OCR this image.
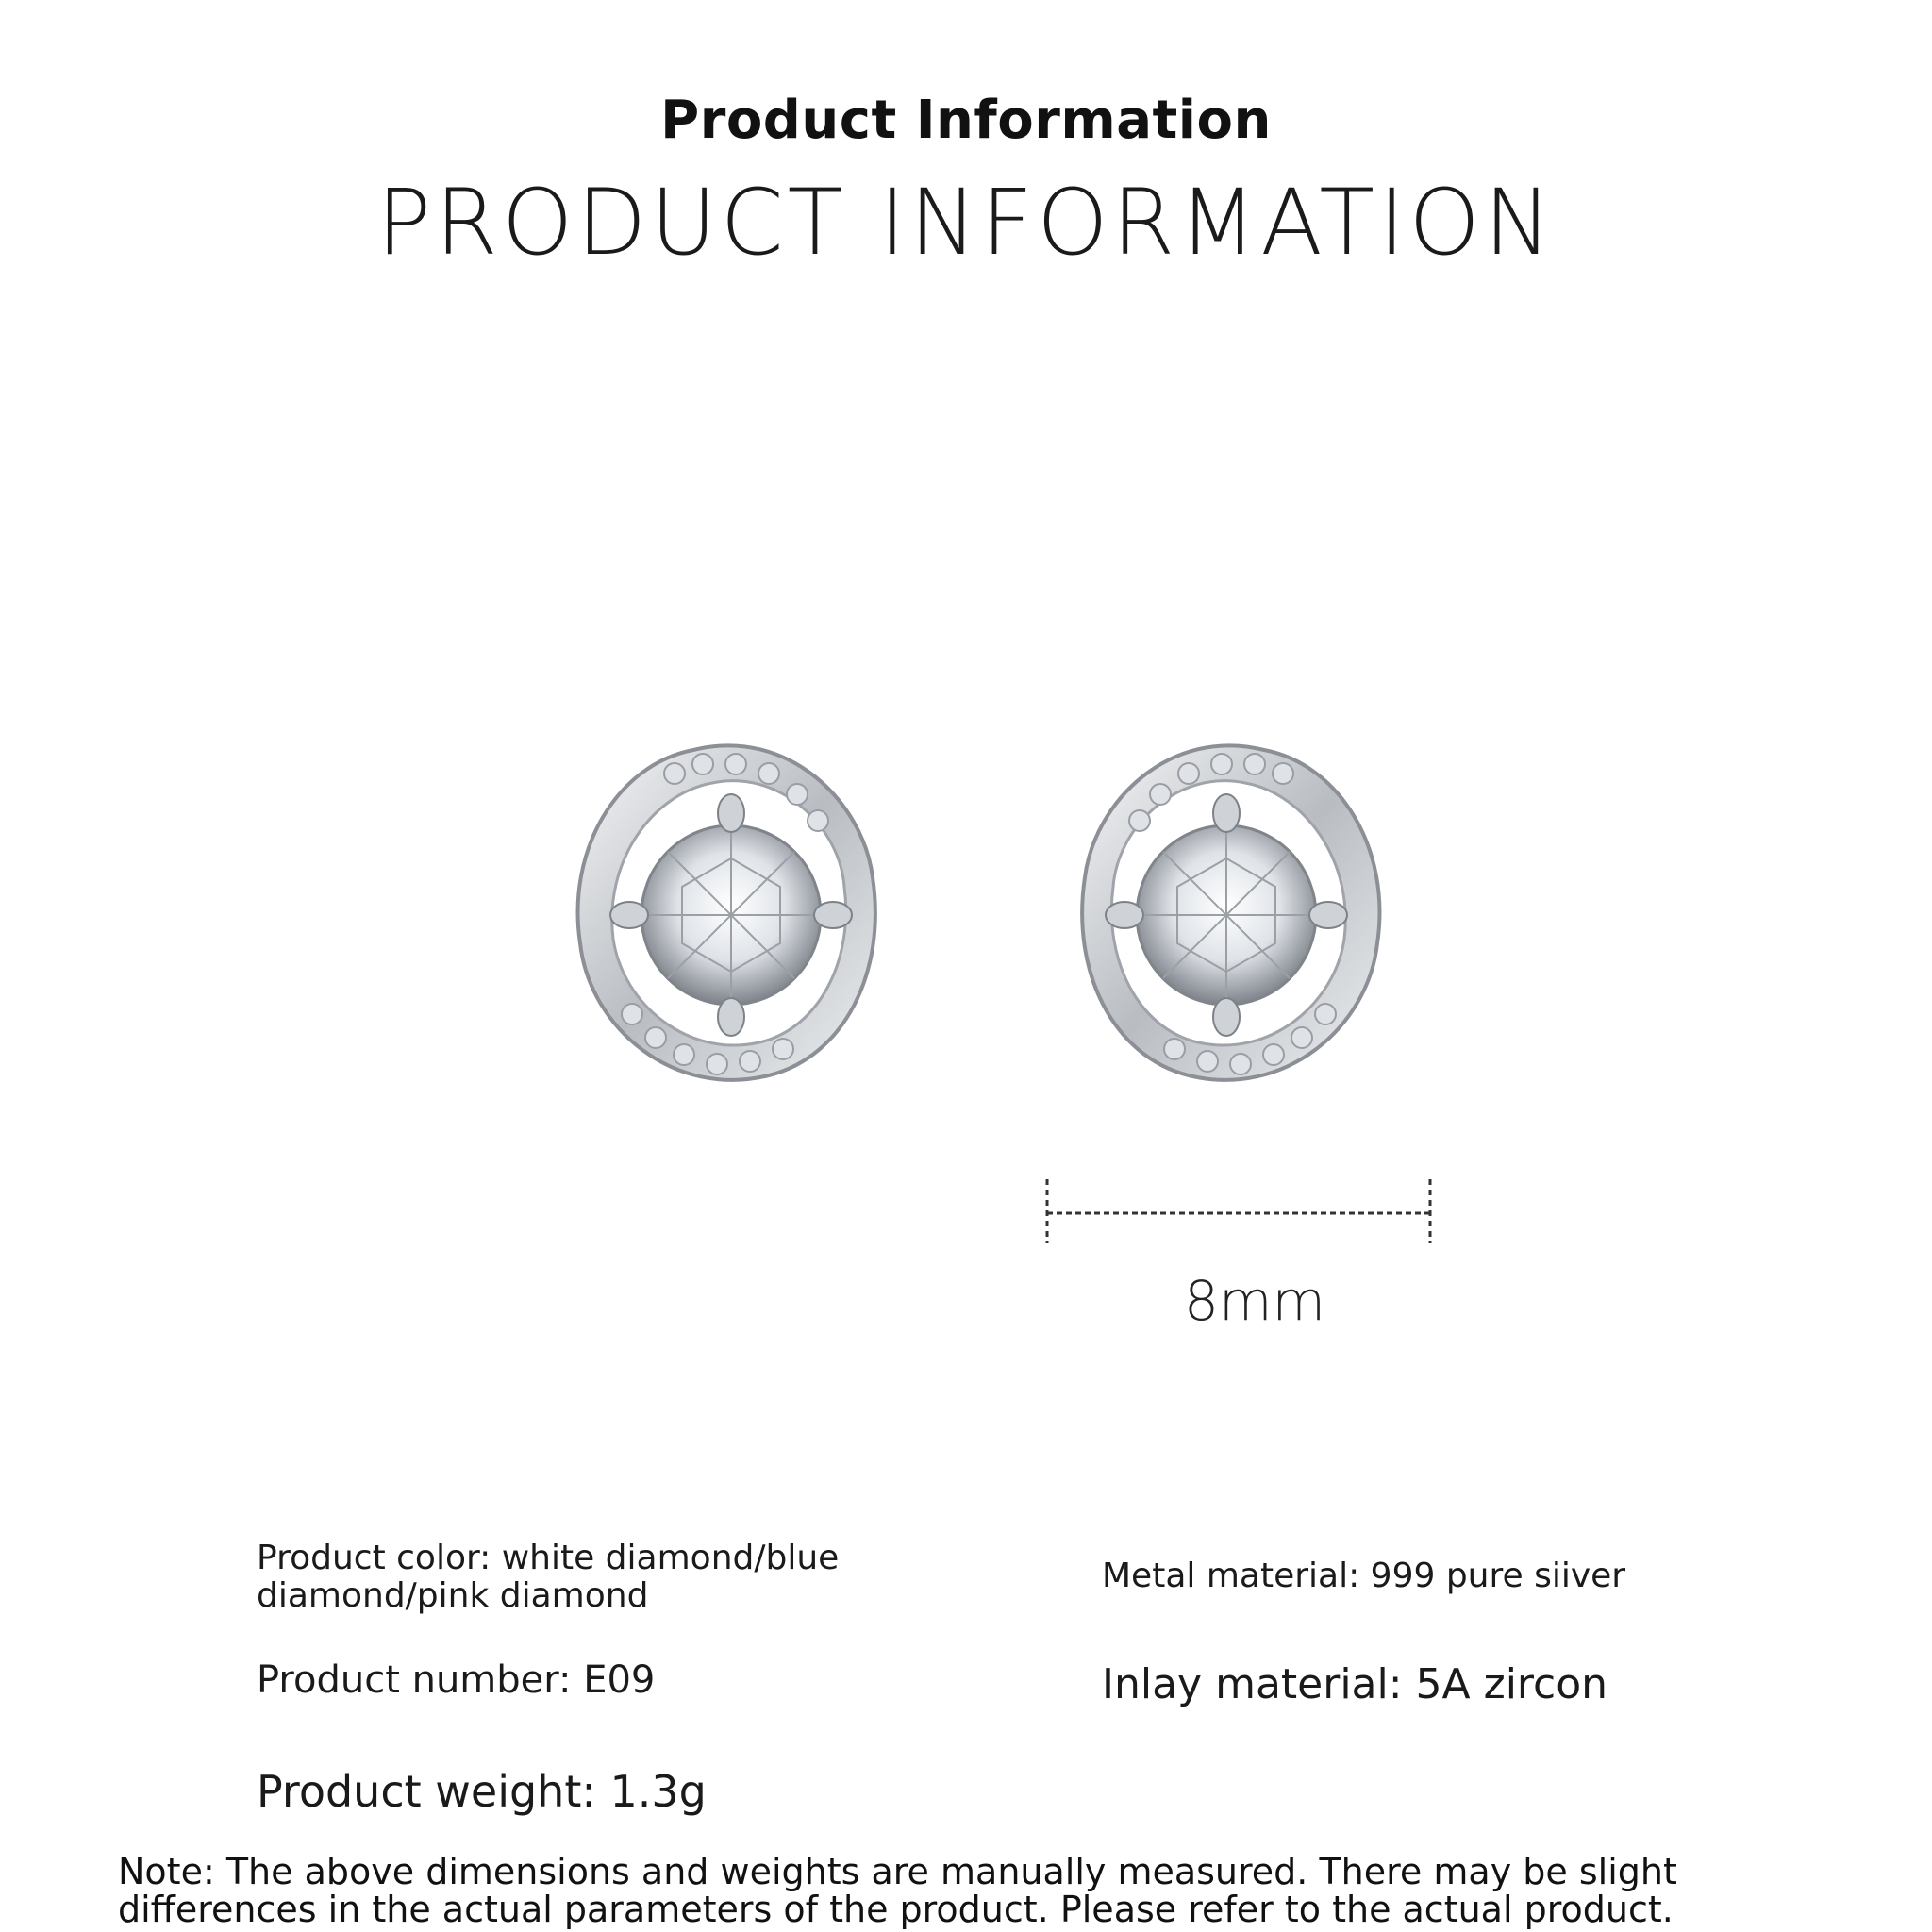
Product Information
PRODUCT INFORMATION
8mm
Product color: white diamond/blue diamond/pink diamond
Metal material: 999 pure siiver
Product number: E09	Inlay material: 5A zircon
Product weight: 1.3g
Note: The above dimensions and weights are manually measured. There may be slight differences in the actual parameters of the product. Please refer to the actual product.
